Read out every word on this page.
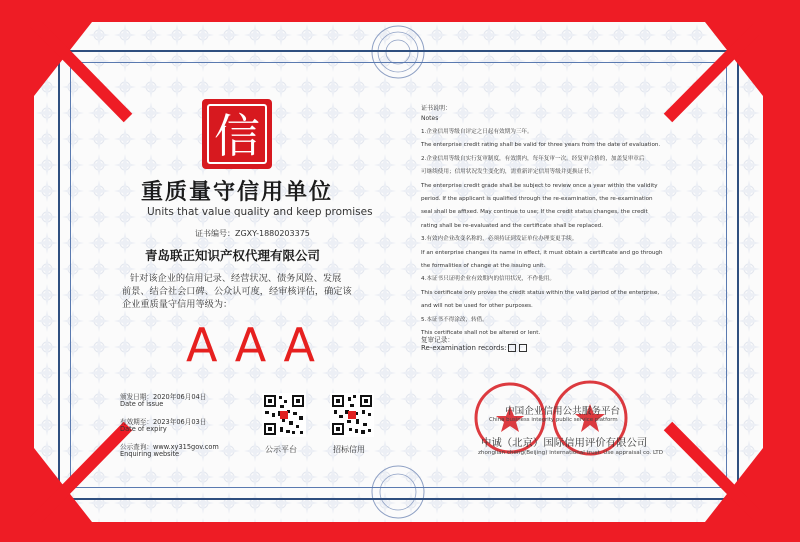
信
重质量守信用单位
Units that value quality and keep promises
证书编号：ZGXY-1880203375
青岛联正知识产权代理有限公司
针对该企业的信用记录、经营状况、债务风险、发展
前景、结合社会口碑、公众认可度，经审核评估，确定该
企业重质量守信用等级为：
AAA
颁发日期：2020年06月04日
Date of issue
有效期至：2023年06月03日
Date of expiry
公示查询：www.xy315gov.com
Enquiring website	公示平台	招标信用
证书说明：
Notes

1.企业信用等级自评定之日起有效期为三年。

The enterprise credit rating shall be valid for three years from the date of evaluation.

2.企业信用等级自实行复审制度，有效期内，每年复审一次。经复审合格的，加盖复审章后

可继续使用；信用状况发生变化的，需重新评定信用等级并更换证书。

The enterprise credit grade shall be subject to review once a year within the validity

period. If the applicant is qualified through the re-examination, the re-examination

seal shall be affixed. May continue to use; If the credit status changes, the credit

rating shall be re-evaluated and the certificate shall be replaced.

3.有效内企业改变名称的，必须持证到发证单位办理变更手续。

If an enterprise changes its name in effect, it must obtain a certificate and go through

the formalities of change at the issuing unit.

4.本证书只证明企业有效期内的信用状况，不作他用。

This certificate only proves the credit status within the valid period of the enterprise,

and will not be used for other purposes.

5.本证书不得涂改，转借。

This certificate shall not be altered or lent.

复审记录：
Re-examination records:
中国企业信用公共服务平台
China business integrity public service platform
中诚（北京）国际信用评价有限公司
zhonglian cheng(Beijing) international trust. Use appraisal co. LTD
